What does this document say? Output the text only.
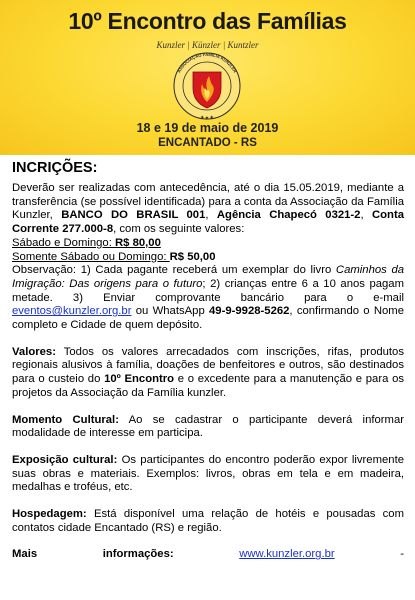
10º Encontro das Famílias
Kunzler | Künzler | Kuntzler
ASSOCIAÇÃO FAMÍLIA KUNZLER
★ ★ ★
18 e 19 de maio de 2019
ENCANTADO - RS
INCRIÇÕES:

Deverão ser realizadas com antecedência, até o dia 15.05.2019, mediante a transferência (se possível identificada) para a conta da Associação da Família Kunzler, BANCO DO BRASIL 001, Agência Chapecó 0321-2, Conta Corrente 277.000-8, com os seguinte valores:

Sábado e Domingo: R$ 80,00

Somente Sábado ou Domingo: R$ 50,00

Observação: 1) Cada pagante receberá um exemplar do livro Caminhos da Imigração: Das origens para o futuro; 2) crianças entre 6 a 10 anos pagam metade. 3) Enviar comprovante bancário para o e-mail eventos@kunzler.org.br ou WhatsApp 49-9-9928-5262, confirmando o Nome completo e Cidade de quem depósito.

Valores: Todos os valores arrecadados com inscrições, rifas, produtos regionais alusivos à família, doações de benfeitores e outros, são destinados para o custeio do 10º Encontro e o excedente para a manutenção e para os projetos da Associação da Família kunzler.

Momento Cultural: Ao se cadastrar o participante deverá informar modalidade de interesse em participa.

Exposição cultural: Os participantes do encontro poderão expor livremente suas obras e materiais. Exemplos: livros, obras em tela e em madeira, medalhas e troféus, etc.

Hospedagem: Está disponível uma relação de hotéis e pousadas com contatos cidade Encantado (RS) e região.

Mais	informações:	www.kunzler.org.br	-
